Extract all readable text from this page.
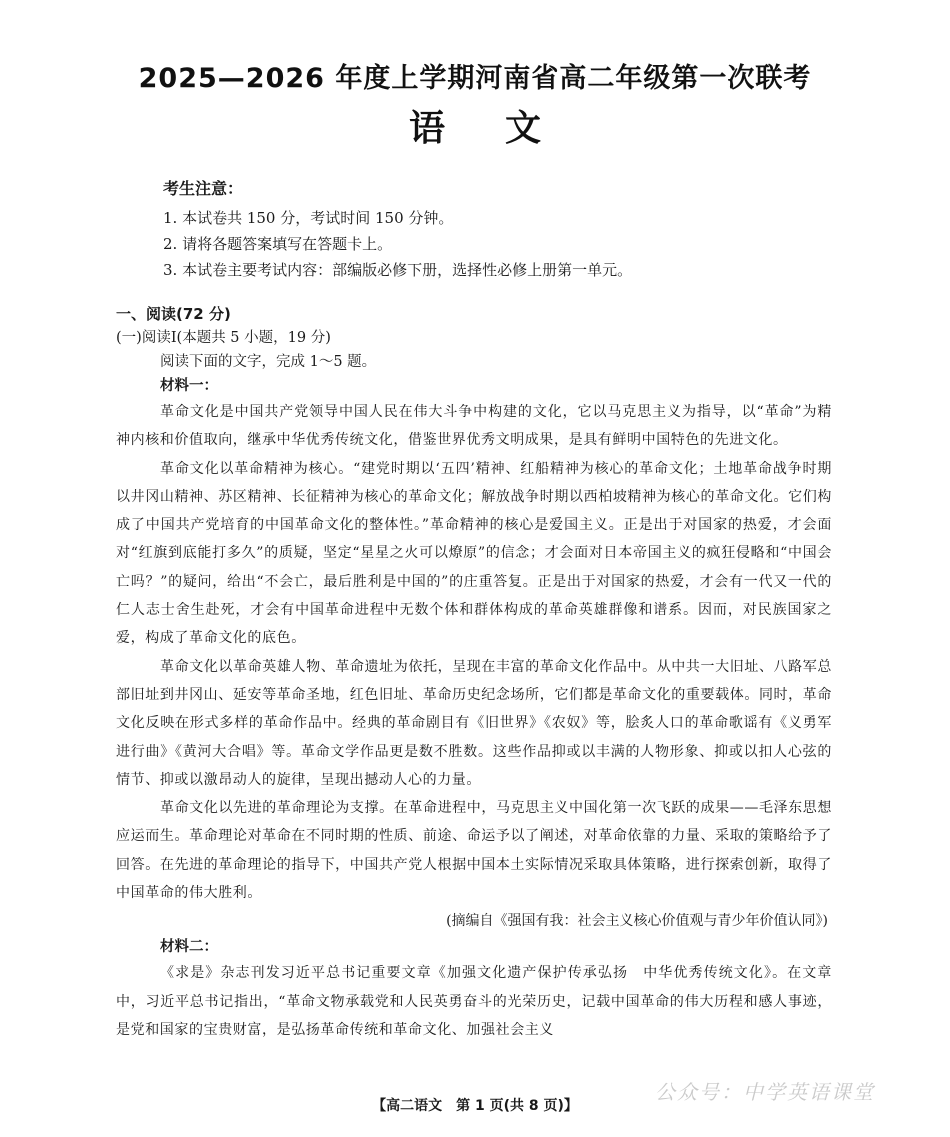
2025—2026 年度上学期河南省高二年级第一次联考
语文
考生注意：
1. 本试卷共 150 分，考试时间 150 分钟。
2. 请将各题答案填写在答题卡上。
3. 本试卷主要考试内容：部编版必修下册，选择性必修上册第一单元。
一、阅读(72 分)
(一)阅读Ⅰ(本题共 5 小题，19 分)
阅读下面的文字，完成 1～5 题。
材料一：

革命文化是中国共产党领导中国人民在伟大斗争中构建的文化，它以马克思主义为指导，以“革命”为精神内核和价值取向，继承中华优秀传统文化，借鉴世界优秀文明成果，是具有鲜明中国特色的先进文化。

革命文化以革命精神为核心。“建党时期以‘五四’精神、红船精神为核心的革命文化；土地革命战争时期以井冈山精神、苏区精神、长征精神为核心的革命文化；解放战争时期以西柏坡精神为核心的革命文化。它们构成了中国共产党培育的中国革命文化的整体性。”革命精神的核心是爱国主义。正是出于对国家的热爱，才会面对“红旗到底能打多久”的质疑，坚定“星星之火可以燎原”的信念；才会面对日本帝国主义的疯狂侵略和“中国会亡吗？”的疑问，给出“不会亡，最后胜利是中国的”的庄重答复。正是出于对国家的热爱，才会有一代又一代的仁人志士舍生赴死，才会有中国革命进程中无数个体和群体构成的革命英雄群像和谱系。因而，对民族国家之爱，构成了革命文化的底色。

革命文化以革命英雄人物、革命遗址为依托，呈现在丰富的革命文化作品中。从中共一大旧址、八路军总部旧址到井冈山、延安等革命圣地，红色旧址、革命历史纪念场所，它们都是革命文化的重要载体。同时，革命文化反映在形式多样的革命作品中。经典的革命剧目有《旧世界》《农奴》等，脍炙人口的革命歌谣有《义勇军进行曲》《黄河大合唱》等。革命文学作品更是数不胜数。这些作品抑或以丰满的人物形象、抑或以扣人心弦的情节、抑或以激昂动人的旋律，呈现出撼动人心的力量。

革命文化以先进的革命理论为支撑。在革命进程中，马克思主义中国化第一次飞跃的成果——毛泽东思想应运而生。革命理论对革命在不同时期的性质、前途、命运予以了阐述，对革命依靠的力量、采取的策略给予了回答。在先进的革命理论的指导下，中国共产党人根据中国本土实际情况采取具体策略，进行探索创新，取得了中国革命的伟大胜利。

(摘编自《强国有我：社会主义核心价值观与青少年价值认同》)
材料二：

《求是》杂志刊发习近平总书记重要文章《加强文化遗产保护传承弘扬　中华优秀传统文化》。在文章中，习近平总书记指出，“革命文物承载党和人民英勇奋斗的光荣历史，记载中国革命的伟大历程和感人事迹，是党和国家的宝贵财富，是弘扬革命传统和革命文化、加强社会主义

公众号：中学英语课堂
【高二语文　第 1 页(共 8 页)】
